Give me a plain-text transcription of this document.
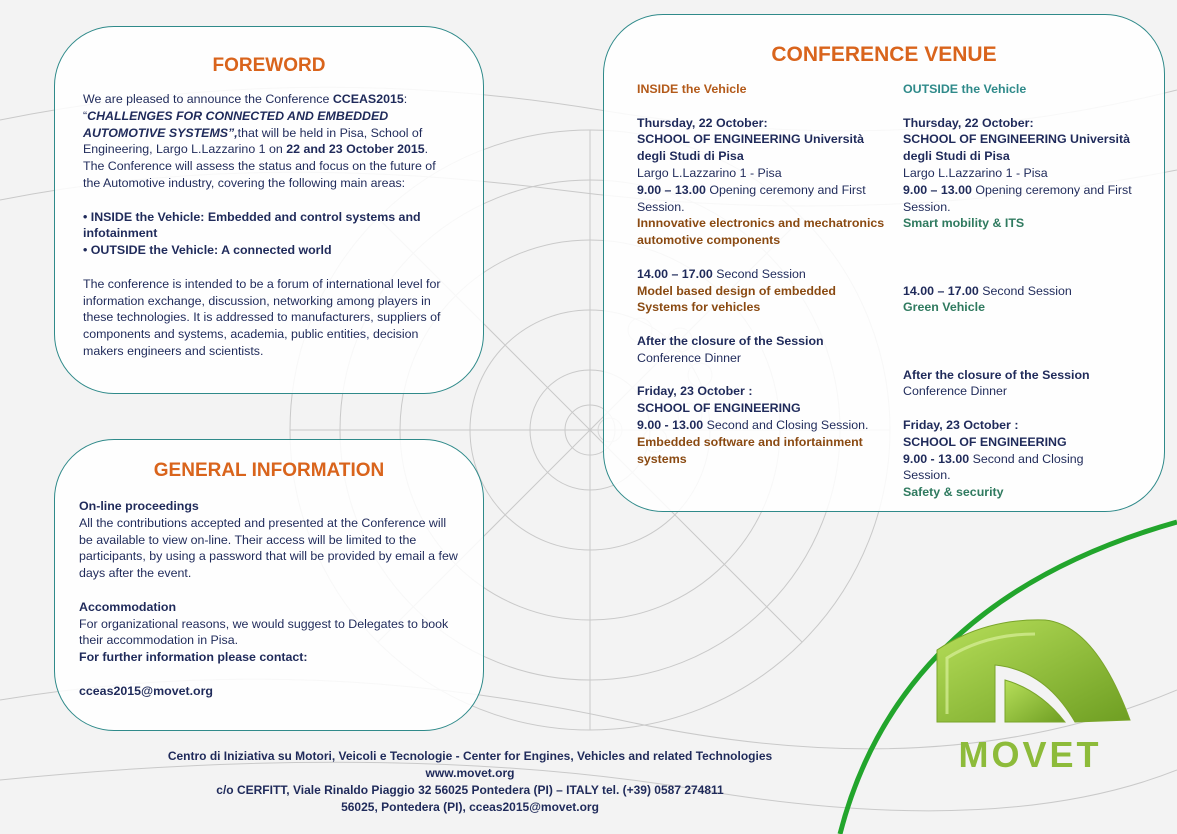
FOREWORD

We are pleased to announce the Conference CCEAS2015:
“CHALLENGES FOR CONNECTED AND EMBEDDED AUTOMOTIVE SYSTEMS”,that will be held in Pisa, School of Engineering, Largo L.Lazzarino 1 on 22 and 23 October 2015.

The Conference will assess the status and focus on the future of the Automotive industry, covering the following main areas:

• INSIDE the Vehicle: Embedded and control systems and infotainment

• OUTSIDE the Vehicle: A connected world

The conference is intended to be a forum of international level for information exchange, discussion, networking among players in these technologies. It is addressed to manufacturers, suppliers of components and systems, academia, public entities, decision makers engineers and scientists.

GENERAL INFORMATION

On-line proceedings

All the contributions accepted and presented at the Conference will be available to view on-line. Their access will be limited to the participants, by using a password that will be provided by email a few days after the event.

Accommodation

For organizational reasons, we would suggest to Delegates to book their accommodation in Pisa.

For further information please contact:

cceas2015@movet.org

CONFERENCE VENUE

INSIDE the Vehicle

Thursday, 22 October:

SCHOOL OF ENGINEERING Università degli Studi di Pisa

Largo L.Lazzarino 1 - Pisa

9.00 – 13.00 Opening ceremony and First Session.

Innnovative electronics and mechatronics automotive components

14.00 – 17.00 Second Session

Model based design of embedded Systems for vehicles

After the closure of the Session

Conference Dinner

Friday, 23 October :

SCHOOL OF ENGINEERING

9.00 - 13.00 Second and Closing Session.

Embedded software and infortainment systems

OUTSIDE the Vehicle

Thursday, 22 October:

SCHOOL OF ENGINEERING Università degli Studi di Pisa

Largo L.Lazzarino 1 - Pisa

9.00 – 13.00 Opening ceremony and First Session.

Smart mobility & ITS

14.00 – 17.00 Second Session

Green Vehicle

After the closure of the Session

Conference Dinner

Friday, 23 October :

SCHOOL OF ENGINEERING

9.00 - 13.00 Second and Closing Session.

Safety & security

MOVET
Centro di Iniziativa su Motori, Veicoli e Tecnologie - Center for Engines, Vehicles and related Technologies
www.movet.org
c/o CERFITT, Viale Rinaldo Piaggio 32 56025 Pontedera (PI) – ITALY tel. (+39) 0587 274811
56025, Pontedera (PI), cceas2015@movet.org
